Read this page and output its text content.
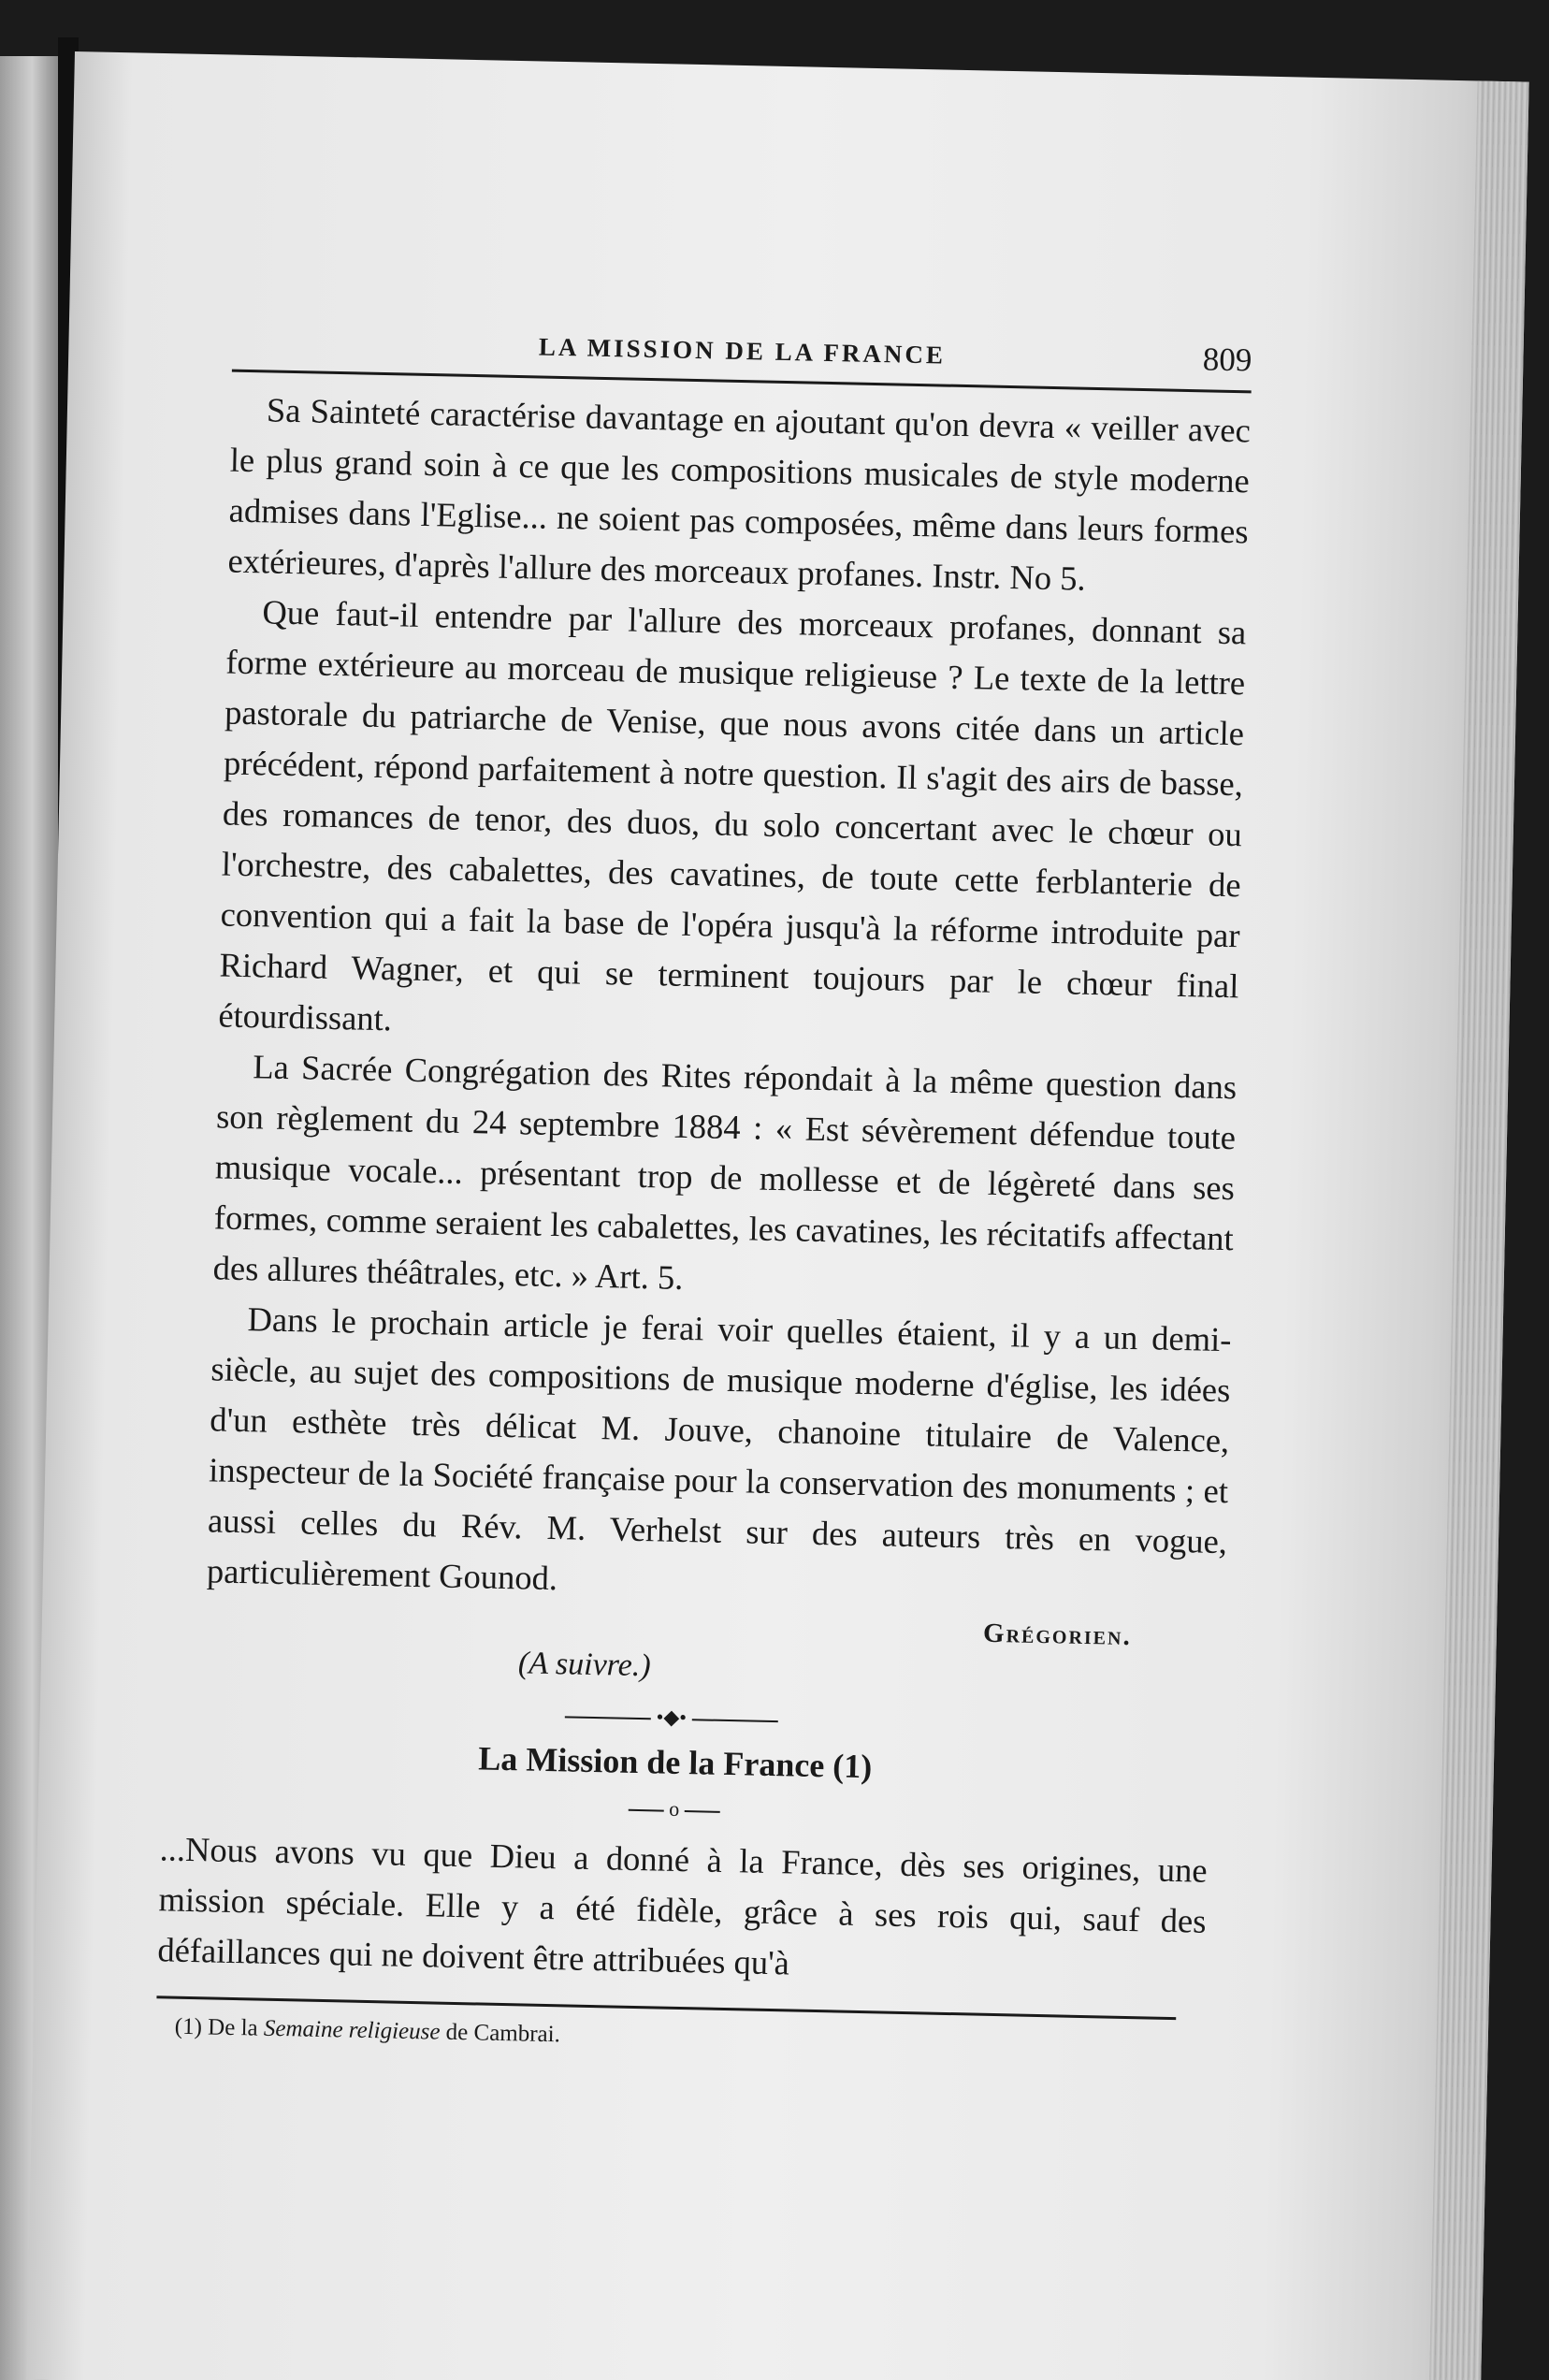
LA MISSION DE LA FRANCE	809

Sa Sainteté caractérise davantage en ajoutant qu'on devra « veiller avec le plus grand soin à ce que les compositions musicales de style moderne admises dans l'Eglise... ne soient pas composées, même dans leurs formes extérieures, d'après l'allure des morceaux profanes. Instr. No 5.

Que faut-il entendre par l'allure des morceaux profanes, donnant sa forme extérieure au morceau de musique religieuse ? Le texte de la lettre pastorale du patriarche de Venise, que nous avons citée dans un article précédent, répond parfaitement à notre question. Il s'agit des airs de basse, des romances de tenor, des duos, du solo concertant avec le chœur ou l'orchestre, des cabalettes, des cavatines, de toute cette ferblanterie de convention qui a fait la base de l'opéra jusqu'à la réforme introduite par Richard Wagner, et qui se terminent toujours par le chœur final étourdissant.

La Sacrée Congrégation des Rites répondait à la même question dans son règlement du 24 septembre 1884 : « Est sévèrement défendue toute musique vocale... présentant trop de mollesse et de légèreté dans ses formes, comme seraient les cabalettes, les cavatines, les récitatifs affectant des allures théâtrales, etc. » Art. 5.

Dans le prochain article je ferai voir quelles étaient, il y a un demi-siècle, au sujet des compositions de musique moderne d'église, les idées d'un esthète très délicat M. Jouve, chanoine titulaire de Valence, inspecteur de la Société française pour la conservation des monuments ; et aussi celles du Rév. M. Verhelst sur des auteurs très en vogue, particulièrement Gounod.

(A suivre.)
Grégorien.
•◆•
La Mission de la France (1)
o

...Nous avons vu que Dieu a donné à la France, dès ses origines, une mission spéciale. Elle y a été fidèle, grâce à ses rois qui, sauf des défaillances qui ne doivent être attribuées qu'à

(1) De la Semaine religieuse de Cambrai.
